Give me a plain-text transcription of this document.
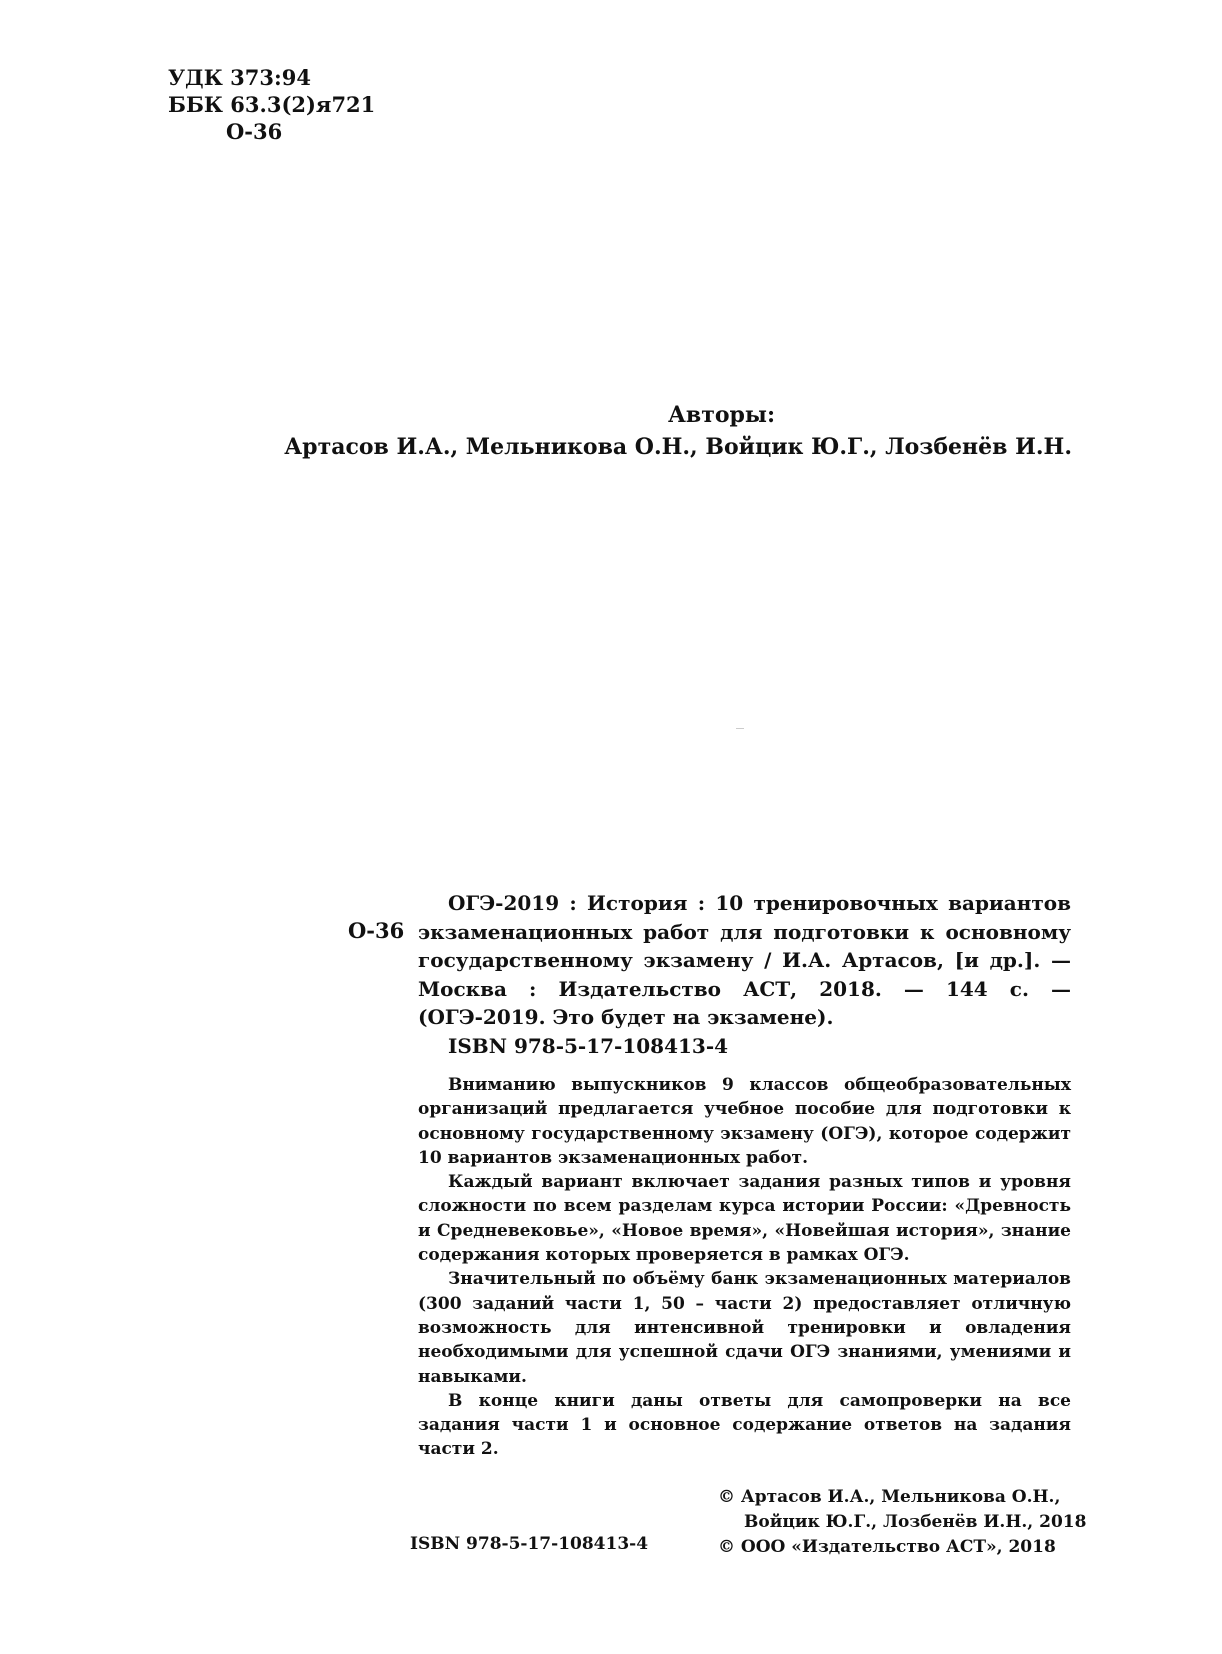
УДК 373:94
ББК 63.3(2)я721
О-36
Авторы:
Артасов И.А., Мельникова О.Н., Войцик Ю.Г., Лозбенёв И.Н.
О-36

ОГЭ-2019 : История : 10 тренировочных вариантов экзаменационных работ для подготовки к основному государственному экзамену / И.А. Артасов, [и др.]. — Москва : Издательство АСТ, 2018. — 144 с. — (ОГЭ-2019. Это будет на экзамене).

ISBN 978-5-17-108413-4

Вниманию выпускников 9 классов общеобразовательных организаций предлагается учебное пособие для подготовки к основному государственному экзамену (ОГЭ), которое содержит 10 вариантов экзаменационных работ.

Каждый вариант включает задания разных типов и уровня сложности по всем разделам курса истории России: «Древность и Средневековье», «Новое время», «Новейшая история», знание содержания которых проверяется в рамках ОГЭ.

Значительный по объёму банк экзаменационных материалов (300 заданий части 1, 50 – части 2) предоставляет отличную возможность для интенсивной тренировки и овладения необходимыми для успешной сдачи ОГЭ знаниями, умениями и навыками.

В конце книги даны ответы для самопроверки на все задания части 1 и основное содержание ответов на задания части 2.

© Артасов И.А., Мельникова О.Н.,
Войцик Ю.Г., Лозбенёв И.Н., 2018
© ООО «Издательство АСТ», 2018
ISBN 978-5-17-108413-4
